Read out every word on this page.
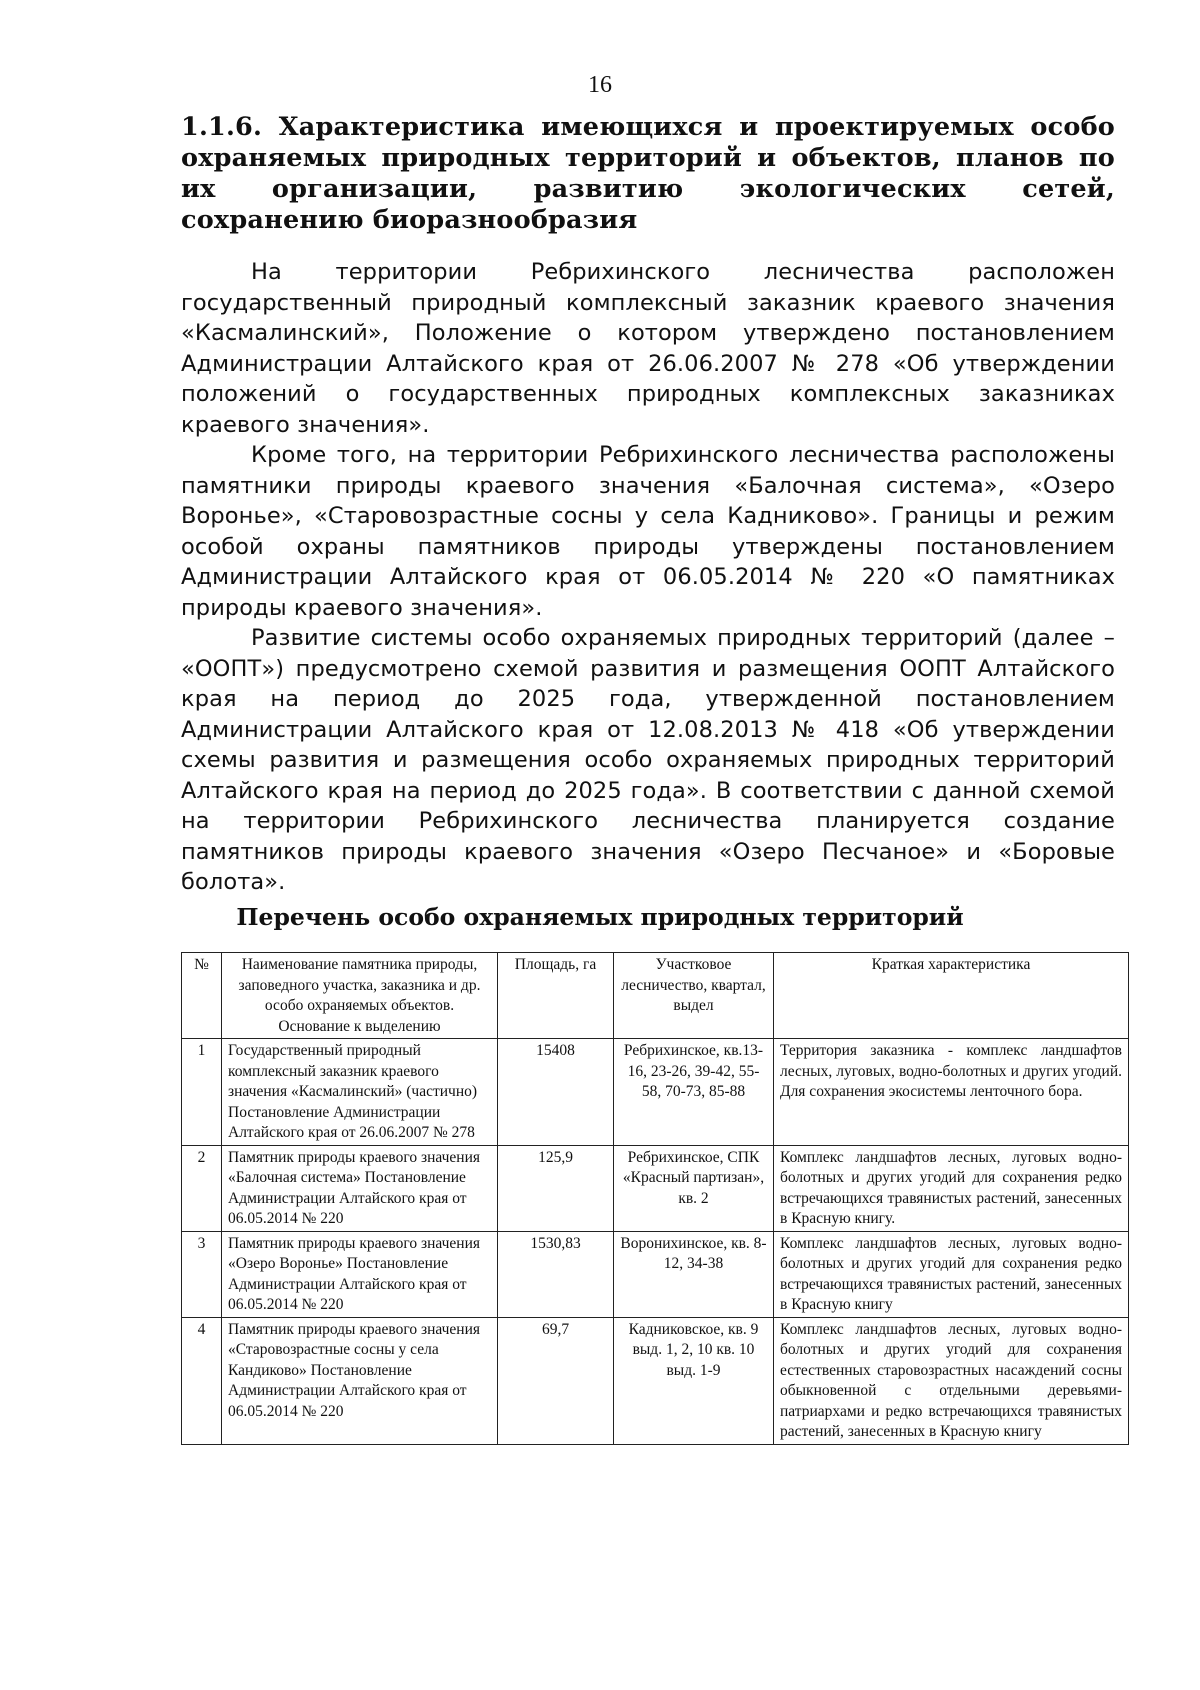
16
1.1.6. Характеристика имеющихся и проектируемых особо охраняемых природных территорий и объектов, планов по их организации, развитию экологических сетей, сохранению биоразнообразия

На территории Ребрихинского лесничества расположен государственный природный комплексный заказник краевого значения «Касмалинский», Положение о котором утверждено постановлением Администрации Алтайского края от 26.06.2007 № 278 «Об утверждении положений о государственных природных комплексных заказниках краевого значения».

Кроме того, на территории Ребрихинского лесничества расположены памятники природы краевого значения «Балочная система», «Озеро Воронье», «Старовозрастные сосны у села Кадниково». Границы и режим особой охраны памятников природы утверждены постановлением Администрации Алтайского края от 06.05.2014 № 220 «О памятниках природы краевого значения».

Развитие системы особо охраняемых природных территорий (далее – «ООПТ») предусмотрено схемой развития и размещения ООПТ Алтайского края на период до 2025 года, утвержденной постановлением Администрации Алтайского края от 12.08.2013 № 418 «Об утверждении схемы развития и размещения особо охраняемых природных территорий Алтайского края на период до 2025 года». В соответствии с данной схемой на территории Ребрихинского лесничества планируется создание памятников природы краевого значения «Озеро Песчаное» и «Боровые болота».

Перечень особо охраняемых природных территорий
№	Наименование памятника природы, заповедного участка, заказника и др. особо охраняемых объектов. Основание к выделению	Площадь, га	Участковое лесничество, квартал, выдел	Краткая характеристика
1	Государственный природный комплексный заказник краевого значения «Касмалинский» (частично) Постановление Администрации Алтайского края от 26.06.2007 № 278	15408	Ребрихинское, кв.13-16, 23-26, 39-42, 55-58, 70-73, 85-88	Территория заказника - комплекс ландшафтов лесных, луговых, водно-болотных и других угодий. Для сохранения экосистемы ленточного бора.
2	Памятник природы краевого значения «Балочная система» Постановление Администрации Алтайского края от 06.05.2014 № 220	125,9	Ребрихинское, СПК «Красный партизан», кв. 2	Комплекс ландшафтов лесных, луговых водно-болотных и других угодий для сохранения редко встречающихся травянистых растений, занесенных в Красную книгу.
3	Памятник природы краевого значения «Озеро Воронье» Постановление Администрации Алтайского края от 06.05.2014 № 220	1530,83	Воронихинское, кв. 8-12, 34-38	Комплекс ландшафтов лесных, луговых водно-болотных и других угодий для сохранения редко встречающихся травянистых растений, занесенных в Красную книгу
4	Памятник природы краевого значения «Старовозрастные сосны у села Кандиково» Постановление Администрации Алтайского края от 06.05.2014 № 220	69,7	Кадниковское, кв. 9 выд. 1, 2, 10 кв. 10 выд. 1-9	Комплекс ландшафтов лесных, луговых водно-болотных и других угодий для сохранения естественных старовозрастных насаждений сосны обыкновенной с отдельными деревьями-патриархами и редко встречающихся травянистых растений, занесенных в Красную книгу
